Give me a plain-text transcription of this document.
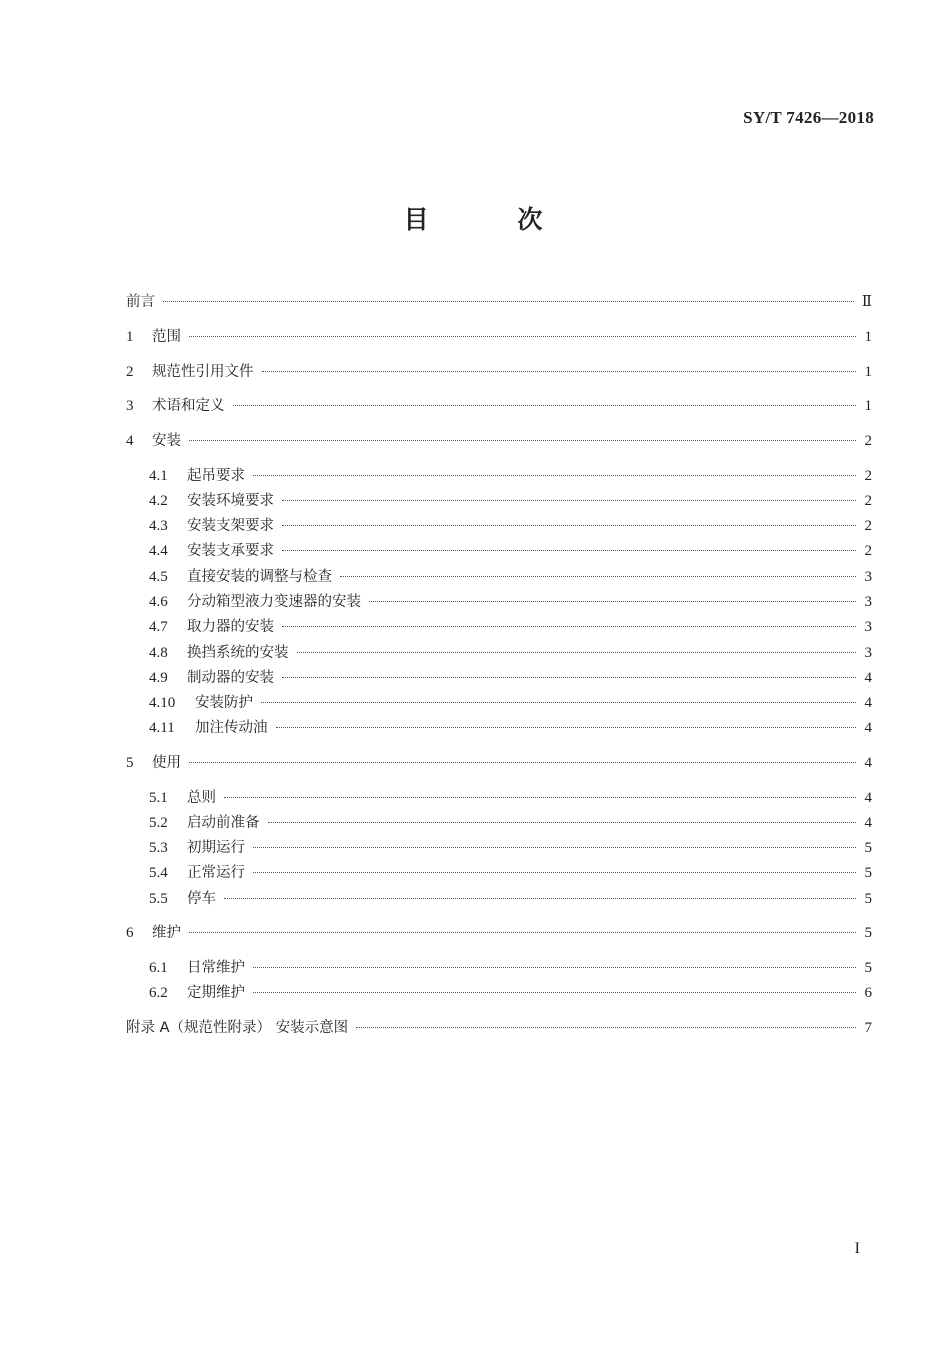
SY/T 7426—2018
目 次
前言	Ⅱ
1	范围	1
2	规范性引用文件	1
3	术语和定义	1
4	安装	2
4.1	起吊要求	2
4.2	安装环境要求	2
4.3	安装支架要求	2
4.4	安装支承要求	2
4.5	直接安装的调整与检查	3
4.6	分动箱型液力变速器的安装	3
4.7	取力器的安装	3
4.8	换挡系统的安装	3
4.9	制动器的安装	4
4.10	安装防护	4
4.11	加注传动油	4
5	使用	4
5.1	总则	4
5.2	启动前准备	4
5.3	初期运行	5
5.4	正常运行	5
5.5	停车	5
6	维护	5
6.1	日常维护	5
6.2	定期维护	6
附录 A（规范性附录） 安装示意图	7
I
